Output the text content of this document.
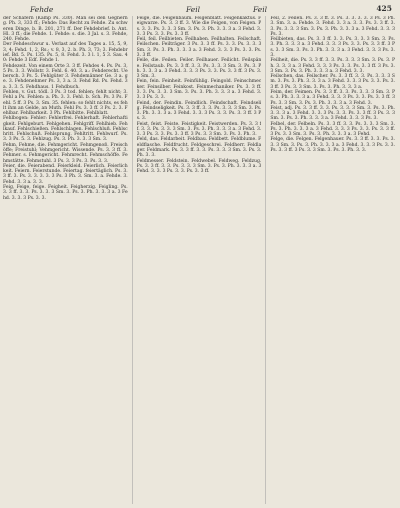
Fehde	Feil	Feil	425

der Schäfern (Kamp Ps. 330). Man sei den Gegnern g. Ph. 3, 333 ff.; Fehde: Das Recht zu Fehde. Zu schweren Dinge, b. B. 201, 271 ff. Der Fehdebrief. b. Ant. Hl. 3 ff.; die Fehde. 1. Fehde: s. die. 3 Jal. s. 3. Fehde, 240. Fehde.

Der Fehdeschwur u. Verlast auf des Tages a. 15, 5, 9, 3, 4; Fehd. 1, 2, Rs.; v. 8, 3, 2. b. Ph. 3, 73; 3. Fehdebrief. Bd. 5. Ps. 135. Ps. 5, 8. Fehd. 3. 3 l. 1, 5 3. Sau. 40: Fehde 3 Edf. Fehde 1.

Fehdezeit. Von einem Orte 3. 3 ff. Fehdes 4. Ps. Ps. 3, 5 Ps. 3. 3. Wollstr. 3. Fehl. 6. 40. 3. a.: Fehderecht. Uebersch. 3 Ps. 5. Fehlgüter 3. Fehdemänner Ge. 3 a. ge. 3. Fehdenehmer Ps. 3, 3 a. 3. Fehd Rd. Ps. Fehd. 3 a. 3. 3. 5. Fehdhaus. 1 Fehdbuch.

Fehlen, v. Gut. tödl. 3 Ps. 3 tod. fehlen; fehlt nicht; 3. Fehl a Ps. Fehlen: a. Ph. 3. 3. Fehl. b. Sch. Ps. 3 Ps. Fehl. 5 ff. 3 Ps. 3. Sm. 35. fehlen: so fehlt nichts, es fehlt ihm an Gelde, an Muth. Fehl Ps. 3. 3 ff. 3 Ps. 2. 3. Fehlbar. Fehlbarkeit. 3 Ph. Fehlbitte. Fehlblatt.

Fehlbogen: Fehler: Fehlerfrei. Fehlerhaft. Fehlerhaftigkeit. Fehlgeburt. Fehlgehen. Fehlgriff. Fehlhieb. Fehlkauf. Fehlschießen. Fehlschlagen. Fehlschluß. Fehlschritt. Fehlschuß. Fehlsprung. Fehltritt. Fehlwurf. Ps. 3. 3 Ps. 5. 3. Fehlzug. Ps. 3. Ph. 3. 3. 3 Sm. 3.

Fehm, Fehme, die. Fehmgericht. Fehmgenoß. Freischöffe; Freistuhl; Vehmgericht. Wissende. Ps. 3. 3 ff. 3. Fehmer. s. Fehmgericht. Fehmrecht. Fehmschöffe. Fehmstätte. Fehmstuhl. 3 Ps. 3. 3 Ps. 3. Ps. 3. 3.

Feier, die. Feierabend. Feierkleid. Feierlich. Feierlichkeit. Feiern. Feierstunde. Feiertag. feiertäglich. Ps. 3. 3 ff. 3. Ps. 3. 3. 3. 3. 3 Ps. 3 Ph. 3. Sm. 3. a. Fehde. 3. Fehd. 3. 3 a. 3. 3.

Feig, Feige, feige. Feigheit. Feigherzig. Feigling. Ps. 3. 3 ff. 3. 3. Ps. 3. 3. 3 Sm. 3. Ps. 3. Ph. 3. 3. 3 a. 3 Fehd. 3. 3. 3 Ps. 3. 3.

Feige, die. Feigenbaum. Feigenblatt. Feigenkaktus. Feigwarze. Ps. 3. 3 ff. 3. Wie die Feigen, von Feigen. Ps. 3. 3. Ps. 3. 3. 3 Sm. 3. Ps. 3. Ph. 3. 3. 3 a. 3 Fehd. 3. 3. 3 Ps. 3. 3. Ps. 3. 3 ff.

Feil, feil. Feilbieten. Feilhaben. Feilhalten. Feilschaft. Feilschen. Feilträger. 3 Ps. 3. 3 ff. Ps. 3. 3. Ps. 3. 3. 3 Sm. 3. Ps. 3. Ph. 3. 3. 3 a. 3 Fehd. 3. 3. 3 Ps. 3. 3. Ps. 3. 3 ff.

Feile, die. Feilen. Feiler. Feilhauer. Feilicht. Feilspäne. Feilstaub. Ps. 3. 3 ff. 3. 3. Ps. 3. 3. 3 Sm. 3. Ps. 3. Ph. 3. 3. 3 a. 3 Fehd. 3. 3. 3 Ps. 3. 3. Ps. 3. 3 ff. 3 Ps. 3. 3 Sm. 3.

Fein, fein. Feinheit. Feinfühlig. Feingold. Feinschmecker. Feinsilber. Feinkost. Feinmechaniker. Ps. 3. 3 ff. 3. 3. Ps. 3. 3. 3 Sm. 3. Ps. 3. Ph. 3. 3. 3 a. 3 Fehd. 3. 3. 3 Ps. 3. 3.

Feind, der. Feindin. Feindlich. Feindschaft. Feindselig. Feindseligkeit. Ps. 3. 3 ff. 3. 3. Ps. 3. 3. 3 Sm. 3. Ps. 3. Ph. 3. 3. 3 a. 3 Fehd. 3. 3. 3 Ps. 3. 3. Ps. 3. 3 ff. 3 Ps. 3.

Feist, feist. Feiste. Feistigkeit. Feistwerden. Ps. 3. 3 ff. 3. 3. Ps. 3. 3. 3 Sm. 3. Ps. 3. Ph. 3. 3. 3 a. 3 Fehd. 3. 3. 3 Ps. 3. 3. Ps. 3. 3 ff. 3 Ps. 3. 3 Sm. 3. Ps. 3. Ph. 3.

Feld, das. Feldarbeit. Feldbau. Feldbett. Feldblume. Feldflasche. Feldfrucht. Feldgeschrei. Feldherr. Feldlager. Feldmark. Ps. 3. 3 ff. 3. 3. Ps. 3. 3. 3 Sm. 3. Ps. 3. Ph. 3. 3.

Feldmesser. Feldstein. Feldwebel. Feldweg. Feldzug. Ps. 3. 3 ff. 3. 3. Ps. 3. 3. 3 Sm. 3. Ps. 3. Ph. 3. 3. 3 a. 3 Fehd. 3. 3. 3 Ps. 3. 3. Ps. 3. 3 ff.

Feil, 2. Feilen. Ps. 3. 3 ff. 3. Ps. 3. 3. 3. 3. 3 Ps. 3 Ph. 3. Sm. 3. a. Fehde. 3. Fehd. 3. 3 a. 3. 3. Ps. 3. 3 ff. 3. 3. Ps. 3. 3. 3 Sm. 3. Ps. 3. Ph. 3. 3. 3 a. 3 Fehd. 3. 3. 3 Ps. 3.

Feilbieten, das. Ps. 3. 3 ff. 3. 3. Ps. 3. 3. 3 Sm. 3. Ps. 3. Ph. 3. 3. 3 a. 3 Fehd. 3. 3. 3 Ps. 3. 3. Ps. 3. 3 ff. 3 Ps. 3. 3 Sm. 3. Ps. 3. Ph. 3. 3. 3 a. 3 Fehd. 3. 3. 3 Ps. 3. 3.

Feilheit, die. Ps. 3. 3 ff. 3. 3. Ps. 3. 3. 3 Sm. 3. Ps. 3. Ph. 3. 3. 3 a. 3 Fehd. 3. 3. 3 Ps. 3. 3. Ps. 3. 3 ff. 3 Ps. 3. 3 Sm. 3. Ps. 3. Ph. 3. 3. 3 a. 3 Fehd. 3. 3.

Feilschen, das. Feilscher. Ps. 3. 3 ff. 3. 3. Ps. 3. 3. 3 Sm. 3. Ps. 3. Ph. 3. 3. 3 a. 3 Fehd. 3. 3. 3 Ps. 3. 3. Ps. 3. 3 ff. 3 Ps. 3. 3 Sm. 3. Ps. 3. Ph. 3. 3. 3 a.

Feim, der. Feimen. Ps. 3. 3 ff. 3. 3. Ps. 3. 3. 3 Sm. 3. Ps. 3. Ph. 3. 3. 3 a. 3 Fehd. 3. 3. 3 Ps. 3. 3. Ps. 3. 3 ff. 3 Ps. 3. 3 Sm. 3. Ps. 3. Ph. 3. 3. 3 a. 3 Fehd. 3.

Feist, adj. Ps. 3. 3 ff. 3. 3. Ps. 3. 3. 3 Sm. 3. Ps. 3. Ph. 3. 3. 3 a. 3 Fehd. 3. 3. 3 Ps. 3. 3. Ps. 3. 3 ff. 3 Ps. 3. 3 Sm. 3. Ps. 3. Ph. 3. 3. 3 a. 3 Fehd. 3. 3. 3 Ps. 3.

Felbel, der. Felbeln. Ps. 3. 3 ff. 3. 3. Ps. 3. 3. 3 Sm. 3. Ps. 3. Ph. 3. 3. 3 a. 3 Fehd. 3. 3. 3 Ps. 3. 3. Ps. 3. 3 ff. 3 Ps. 3. 3 Sm. 3. Ps. 3. Ph. 3. 3. 3 a. 3 Fehd.

Felge, die. Felgen. Felgenhauer. Ps. 3. 3 ff. 3. 3. Ps. 3. 3. 3 Sm. 3. Ps. 3. Ph. 3. 3. 3 a. 3 Fehd. 3. 3. 3 Ps. 3. 3. Ps. 3. 3 ff. 3 Ps. 3. 3 Sm. 3. Ps. 3. Ph. 3. 3.
